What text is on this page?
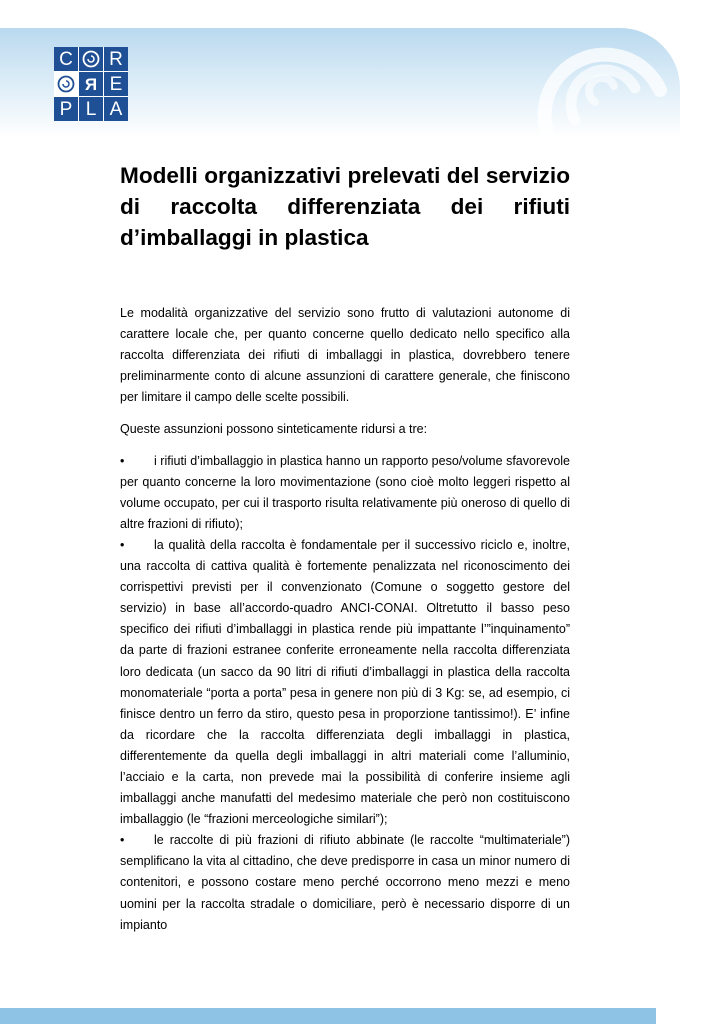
C R
R E
P L A
Modelli organizzativi prelevati del servizio di raccolta differenziata dei rifiuti d’imballaggi in plastica

Le modalità organizzative del servizio sono frutto di valutazioni autonome di carattere locale che, per quanto concerne quello dedicato nello specifico alla raccolta differenziata dei rifiuti di imballaggi in plastica, dovrebbero tenere preliminarmente conto di alcune assunzioni di carattere generale, che finiscono per limitare il campo delle scelte possibili.

Queste assunzioni possono sinteticamente ridursi a tre:

• i rifiuti d’imballaggio in plastica hanno un rapporto peso/volume sfavorevole per quanto concerne la loro movimentazione (sono cioè molto leggeri rispetto al volume occupato, per cui il trasporto risulta relativamente più oneroso di quello di altre frazioni di rifiuto);

• la qualità della raccolta è fondamentale per il successivo riciclo e, inoltre, una raccolta di cattiva qualità è fortemente penalizzata nel riconoscimento dei corrispettivi previsti per il convenzionato (Comune o soggetto gestore del servizio) in base all’accordo-quadro ANCI-CONAI. Oltretutto il basso peso specifico dei rifiuti d’imballaggi in plastica rende più impattante l’”inquinamento” da parte di frazioni estranee conferite erroneamente nella raccolta differenziata loro dedicata (un sacco da 90 litri di rifiuti d’imballaggi in plastica della raccolta monomateriale “porta a porta” pesa in genere non più di 3 Kg: se, ad esempio, ci finisce dentro un ferro da stiro, questo pesa in proporzione tantissimo!). E’ infine da ricordare che la raccolta differenziata degli imballaggi in plastica, differentemente da quella degli imballaggi in altri materiali come l’alluminio, l’acciaio e la carta, non prevede mai la possibilità di conferire insieme agli imballaggi anche manufatti del medesimo materiale che però non costituiscono imballaggio (le “frazioni merceologiche similari”);

• le raccolte di più frazioni di rifiuto abbinate (le raccolte “multimateriale”) semplificano la vita al cittadino, che deve predisporre in casa un minor numero di contenitori, e possono costare meno perché occorrono meno mezzi e meno uomini per la raccolta stradale o domiciliare, però è necessario disporre di un impianto
